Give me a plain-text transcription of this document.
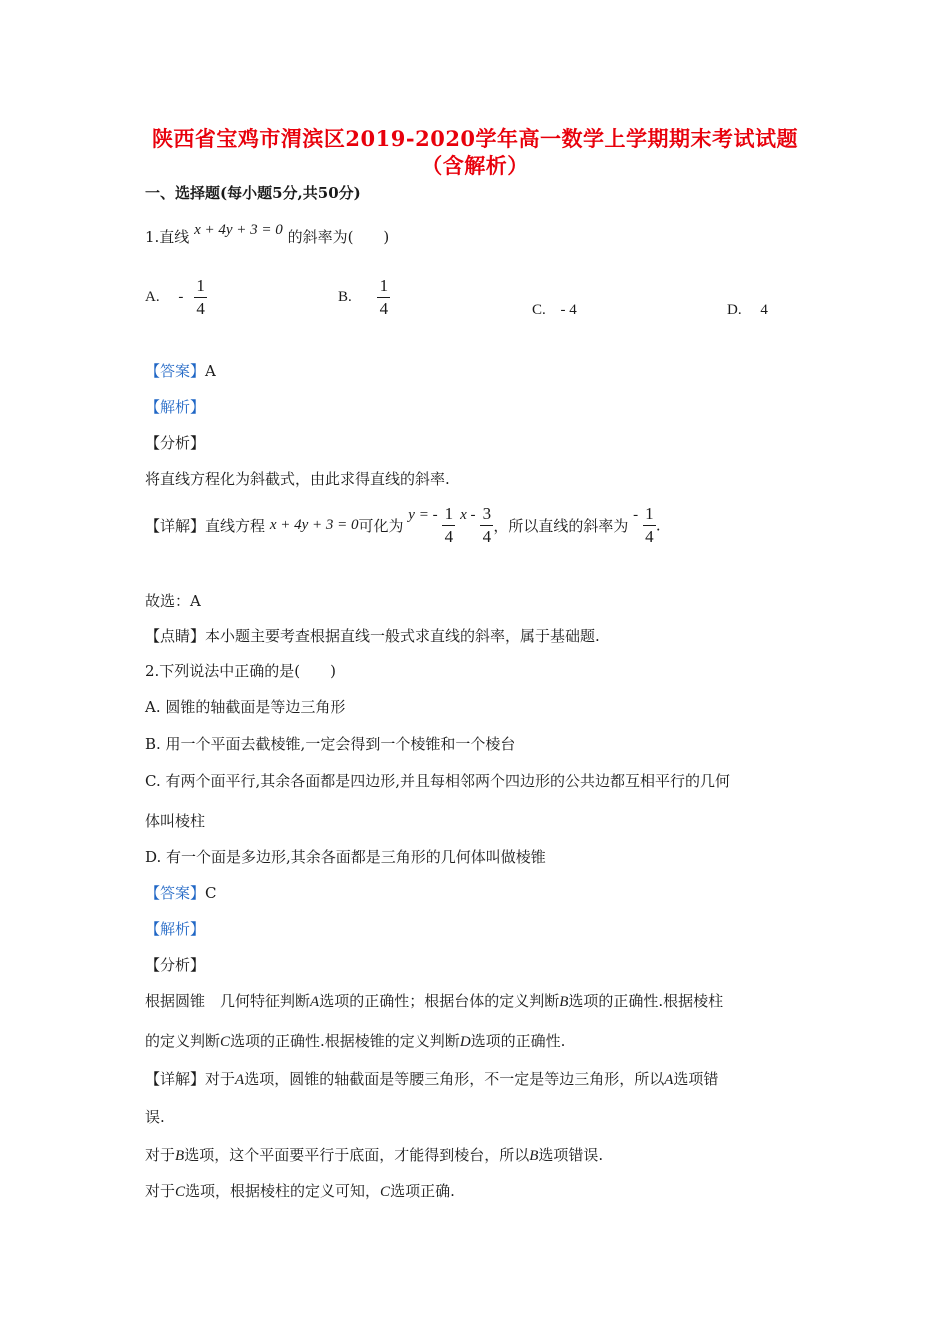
陕西省宝鸡市渭滨区2019-2020学年高一数学上学期期末考试试题
（含解析）
一、选择题(每小题5分,共50分)
1.直线 x + 4y + 3 = 0 的斜率为(　　)
A. - $\frac{1}{4}$	B. $\frac{1}{4}$	C. - 4	D. 4
【答案】A
【解析】
【分析】
将直线方程化为斜截式，由此求得直线的斜率.
【详解】直线方程 x + 4y + 3 = 0可化为 y = - $\frac{1}{4}$ x - $\frac{3}{4}$ ，所以直线的斜率为 - $\frac{1}{4}$ .
故选：A
【点睛】本小题主要考查根据直线一般式求直线的斜率，属于基础题.
2.下列说法中正确的是(　　)
A. 圆锥的轴截面是等边三角形
B. 用一个平面去截棱锥,一定会得到一个棱锥和一个棱台
C. 有两个面平行,其余各面都是四边形,并且每相邻两个四边形的公共边都互相平行的几何
体叫棱柱
D. 有一个面是多边形,其余各面都是三角形的几何体叫做棱锥
【答案】C
【解析】
【分析】
根据圆锥　几何特征判断A选项的正确性；根据台体的定义判断B选项的正确性.根据棱柱
的定义判断C选项的正确性.根据棱锥的定义判断D选项的正确性.
【详解】对于A选项，圆锥的轴截面是等腰三角形，不一定是等边三角形，所以A选项错
误.
对于B选项，这个平面要平行于底面，才能得到棱台，所以B选项错误.
对于C选项，根据棱柱的定义可知，C选项正确.
